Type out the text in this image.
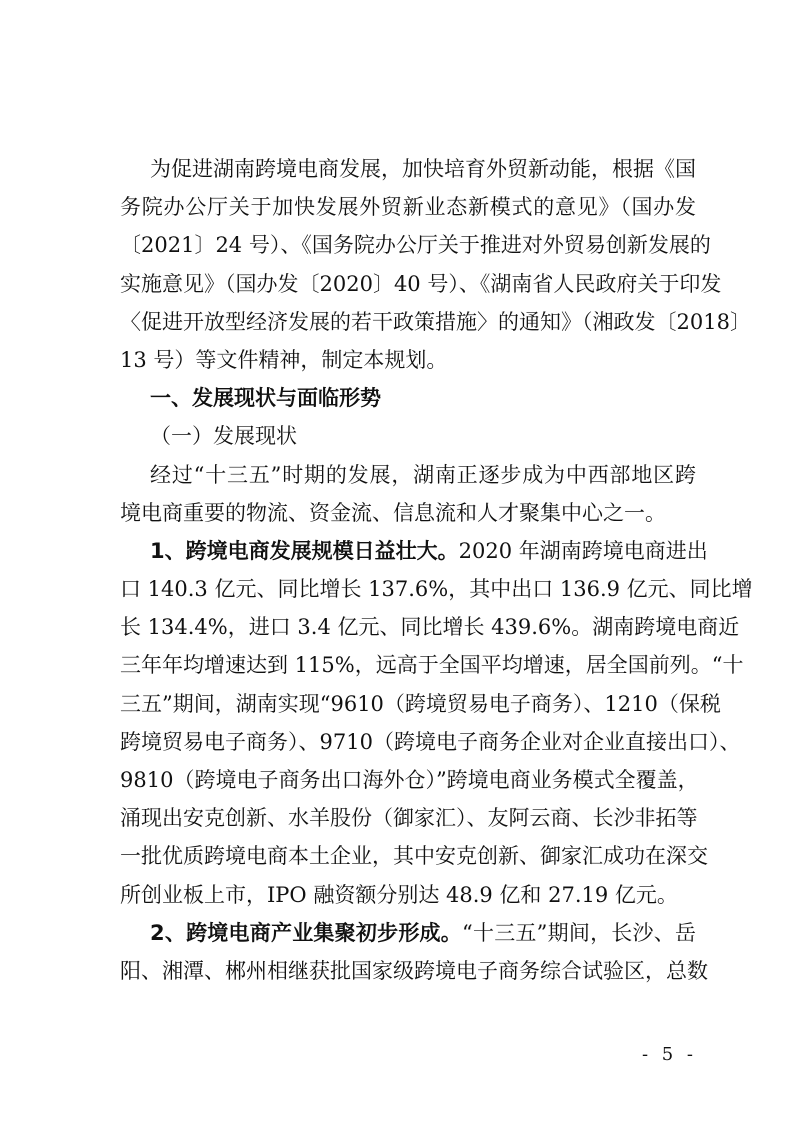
为促进湖南跨境电商发展，加快培育外贸新动能，根据《国
务院办公厅关于加快发展外贸新业态新模式的意见》（国办发
〔2021〕24 号）、《国务院办公厅关于推进对外贸易创新发展的
实施意见》（国办发〔2020〕40 号）、《湖南省人民政府关于印发
〈促进开放型经济发展的若干政策措施〉的通知》（湘政发〔2018〕
13 号）等文件精神，制定本规划。
一、发展现状与面临形势
（一）发展现状
经过“十三五”时期的发展，湖南正逐步成为中西部地区跨
境电商重要的物流、资金流、信息流和人才聚集中心之一。
1、跨境电商发展规模日益壮大。2020 年湖南跨境电商进出
口 140.3 亿元、同比增长 137.6%，其中出口 136.9 亿元、同比增
长 134.4%，进口 3.4 亿元、同比增长 439.6%。湖南跨境电商近
三年年均增速达到 115%，远高于全国平均增速，居全国前列。“十
三五”期间，湖南实现“9610（跨境贸易电子商务）、1210（保税
跨境贸易电子商务）、9710（跨境电子商务企业对企业直接出口）、
9810（跨境电子商务出口海外仓）”跨境电商业务模式全覆盖，
涌现出安克创新、水羊股份（御家汇）、友阿云商、长沙非拓等
一批优质跨境电商本土企业，其中安克创新、御家汇成功在深交
所创业板上市，IPO 融资额分别达 48.9 亿和 27.19 亿元。
2、跨境电商产业集聚初步形成。“十三五”期间，长沙、岳
阳、湘潭、郴州相继获批国家级跨境电子商务综合试验区，总数
- 5 -
